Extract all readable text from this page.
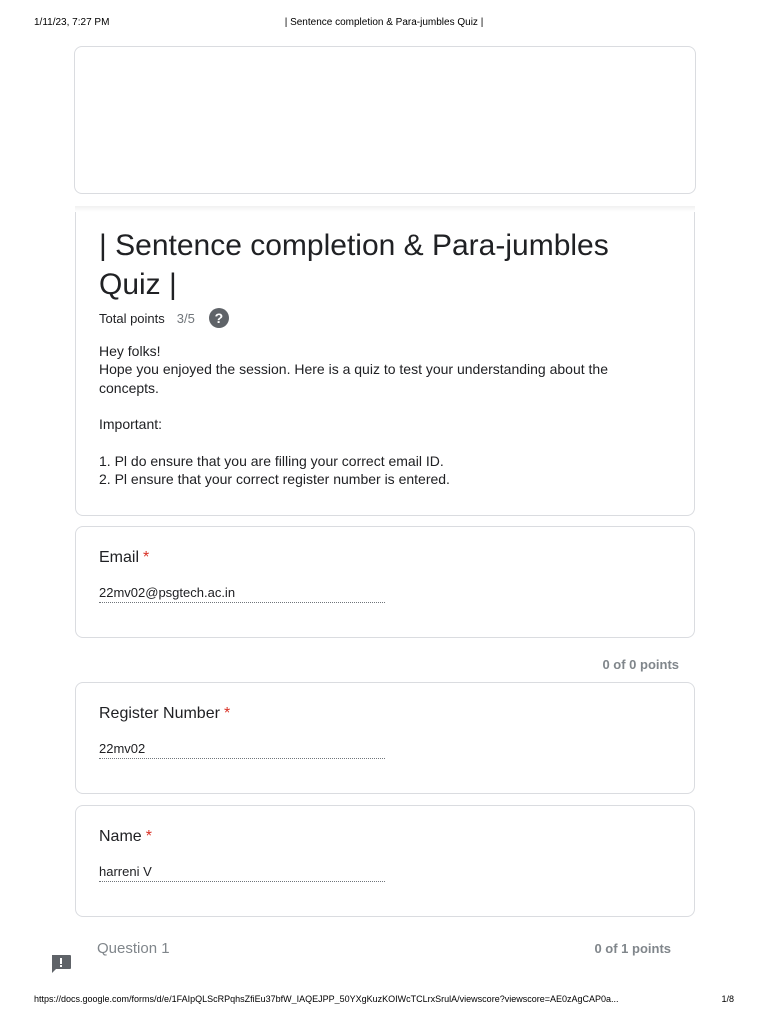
1/11/23, 7:27 PM	| Sentence completion & Para-jumbles Quiz |
| Sentence completion & Para-jumbles Quiz |
Total points 3/5	?

Hey folks!

Hope you enjoyed the session. Here is a quiz to test your understanding about the concepts.

Important:

1. Pl do ensure that you are filling your correct email ID.

2. Pl ensure that your correct register number is entered.

Email *
22mv02@psgtech.ac.in
0 of 0 points
Register Number *
22mv02
Name *
harreni V
Question 1	0 of 1 points
https://docs.google.com/forms/d/e/1FAIpQLScRPqhsZfiEu37bfW_IAQEJPP_50YXgKuzKOIWcTCLrxSrulA/viewscore?viewscore=AE0zAgCAP0a...	1/8
